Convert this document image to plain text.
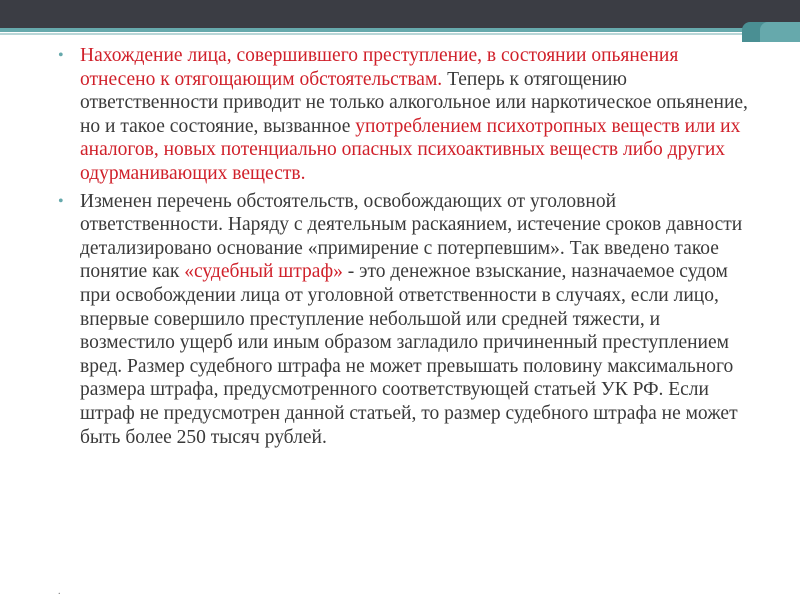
• Нахождение лица, совершившего преступление, в состоянии опьянения отнесено к отягощающим обстоятельствам. Теперь к отягощению ответственности приводит не только алкогольное или наркотическое опьянение, но и такое состояние, вызванное употреблением психотропных веществ или их аналогов, новых потенциально опасных психоактивных веществ либо других одурманивающих веществ.
• Изменен перечень обстоятельств, освобождающих от уголовной ответственности. Наряду с деятельным раскаянием, истечение сроков давности детализировано основание «примирение с потерпевшим». Так введено такое понятие как «судебный штраф» - это денежное взыскание, назначаемое судом при освобождении лица от уголовной ответственности в случаях, если лицо, впервые совершило преступление небольшой или средней тяжести, и возместило ущерб или иным образом загладило причиненный преступлением вред. Размер судебного штрафа не может превышать половину максимального размера штрафа, предусмотренного соответствующей статьей УК РФ. Если штраф не предусмотрен данной статьей, то размер судебного штрафа не может быть более 250 тысяч рублей.
.
